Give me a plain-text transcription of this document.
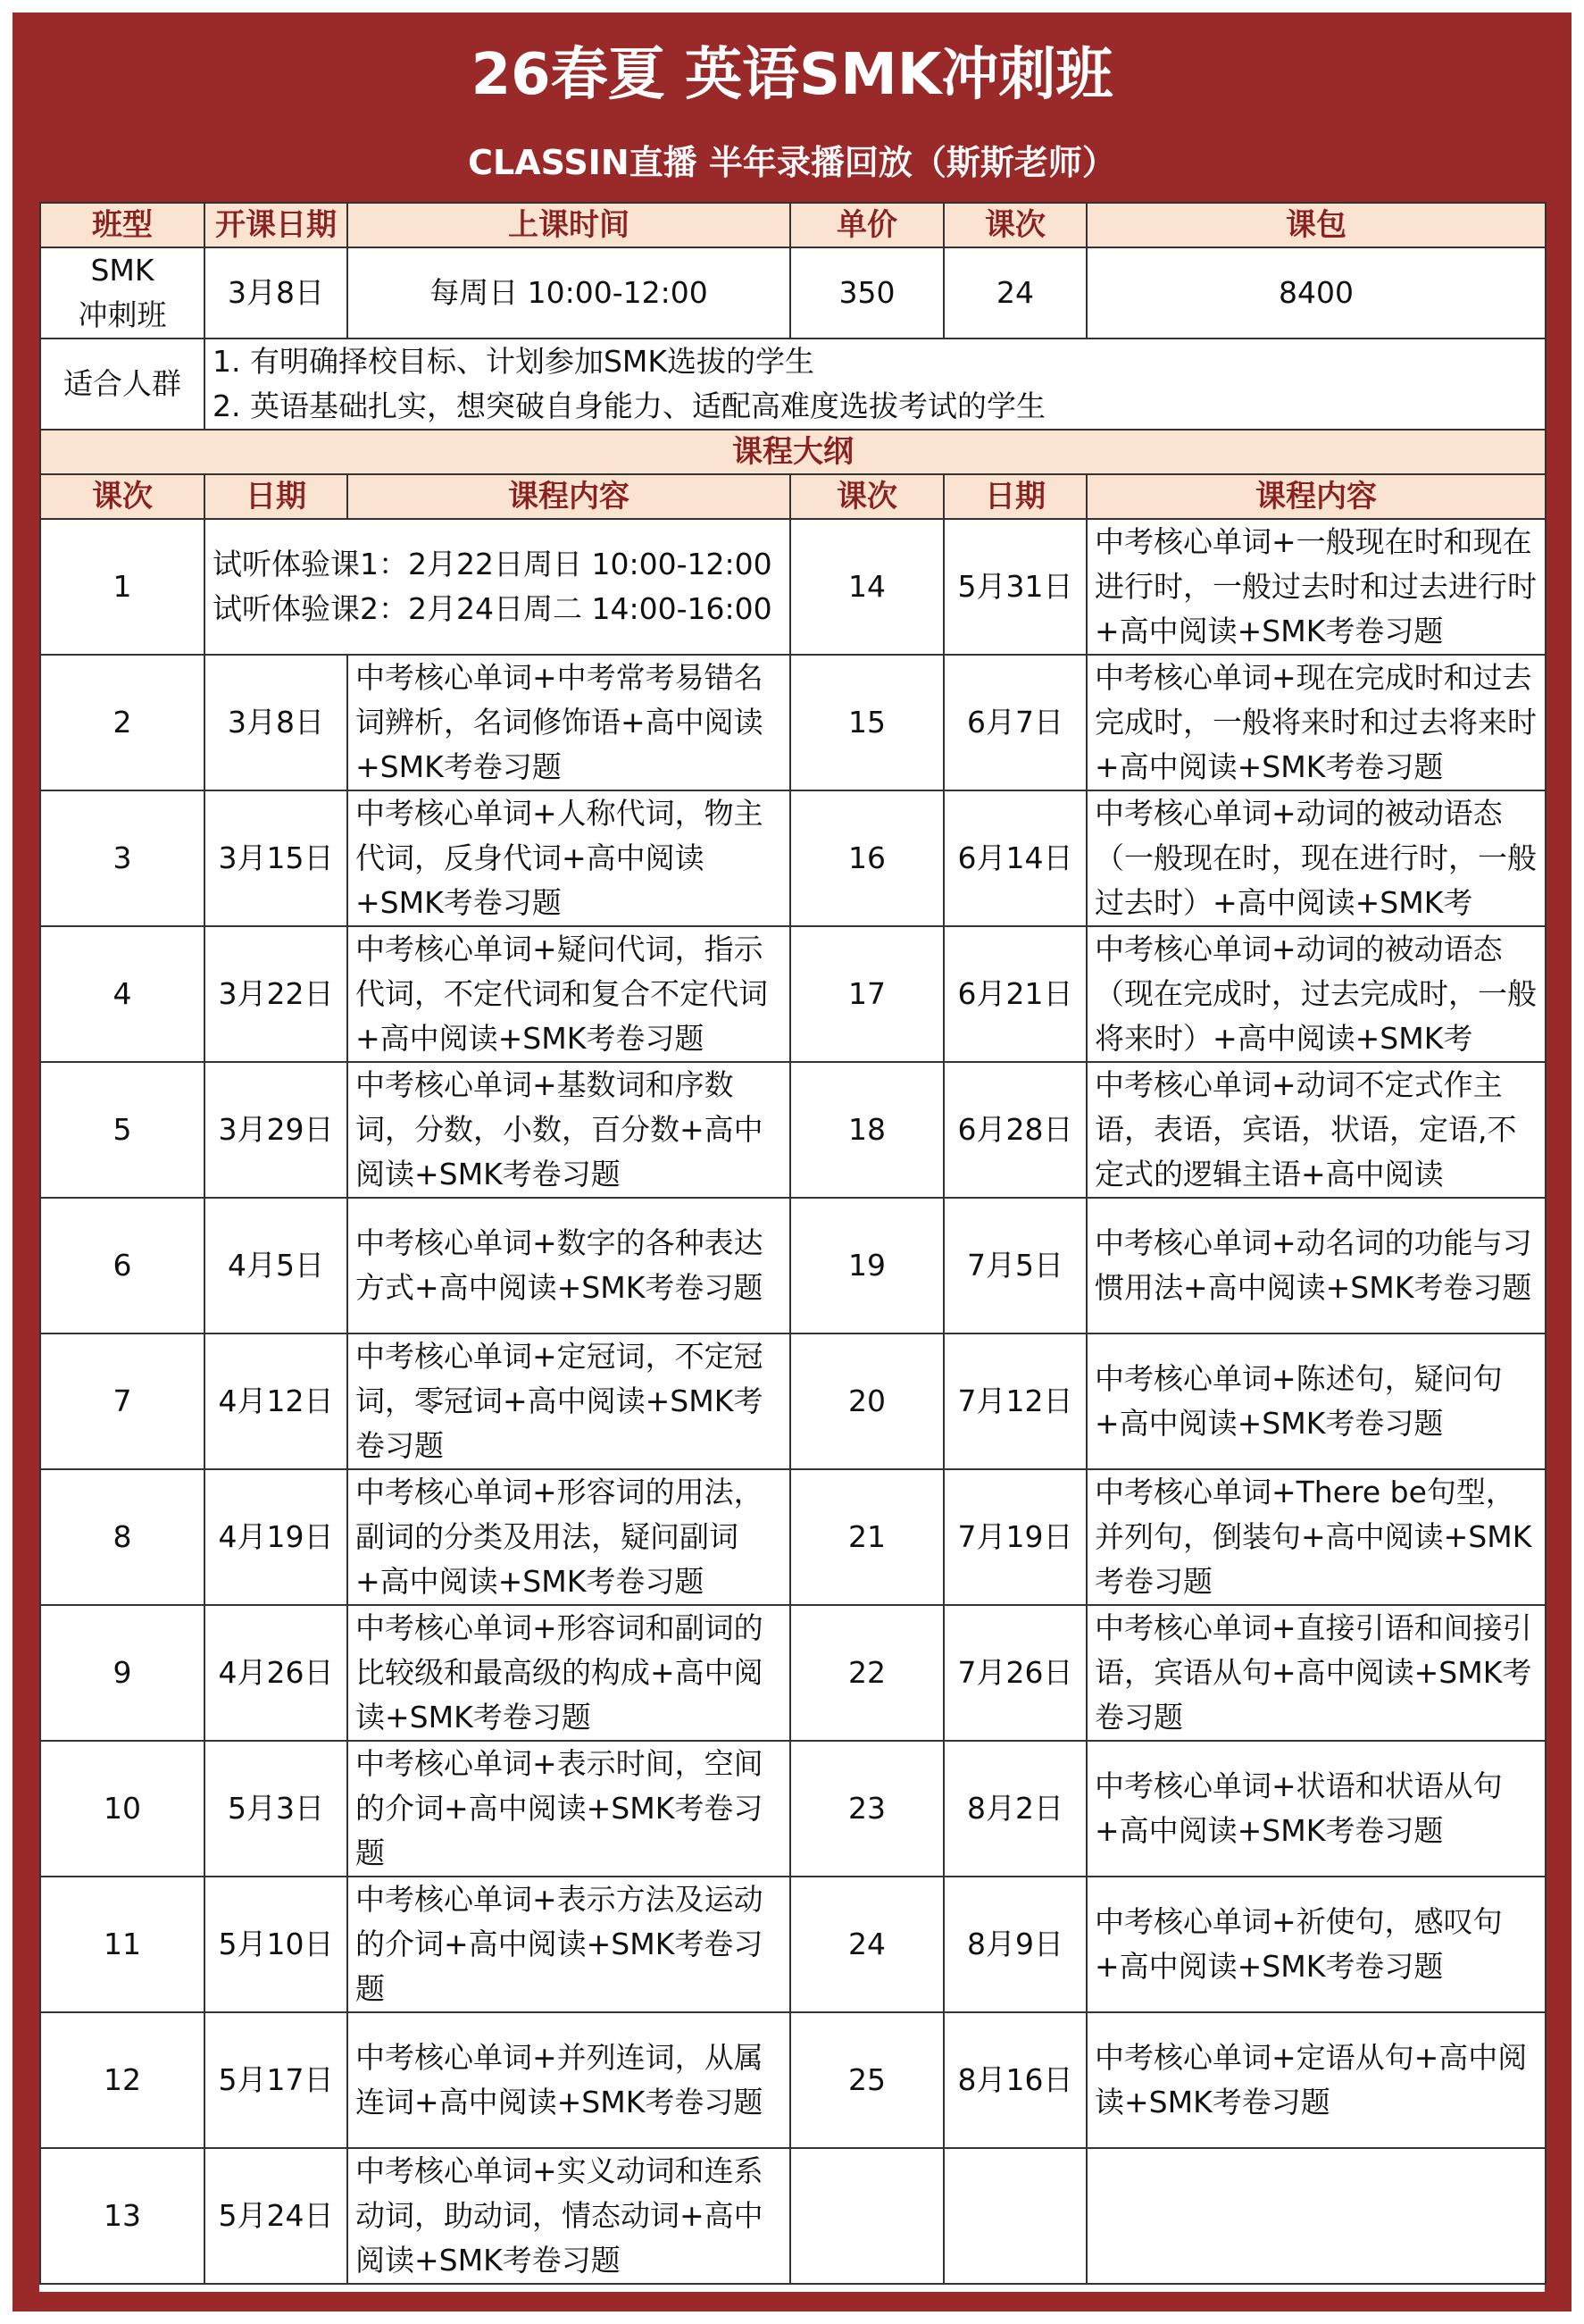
26春夏 英语SMK冲刺班
CLASSIN直播 半年录播回放（斯斯老师）
班型	开课日期	上课时间	单价	课次	课包
SMK
冲刺班	3月8日	每周日 10:00-12:00	350	24	8400
适合人群	1. 有明确择校目标、计划参加SMK选拔的学生
2. 英语基础扎实，想突破自身能力、适配高难度选拔考试的学生				

课程大纲					
课次	日期	课程内容	课次	日期	课程内容
1	试听体验课1：2月22日周日 10:00-12:00
试听体验课2：2月24日周二 14:00-16:00		14	5月31日	中考核心单词+一般现在时和现在进行时，一般过去时和过去进行时+高中阅读+SMK考卷习题
2	3月8日	中考核心单词+中考常考易错名词辨析，名词修饰语+高中阅读+SMK考卷习题	15	6月7日	中考核心单词+现在完成时和过去完成时，一般将来时和过去将来时+高中阅读+SMK考卷习题
3	3月15日	中考核心单词+人称代词，物主代词，反身代词+高中阅读+SMK考卷习题	16	6月14日	中考核心单词+动词的被动语态（一般现在时，现在进行时，一般过去时）+高中阅读+SMK考
4	3月22日	中考核心单词+疑问代词，指示代词，不定代词和复合不定代词+高中阅读+SMK考卷习题	17	6月21日	中考核心单词+动词的被动语态（现在完成时，过去完成时，一般将来时）+高中阅读+SMK考
5	3月29日	中考核心单词+基数词和序数词，分数，小数，百分数+高中阅读+SMK考卷习题	18	6月28日	中考核心单词+动词不定式作主语，表语，宾语，状语，定语,不定式的逻辑主语+高中阅读
6	4月5日	中考核心单词+数字的各种表达方式+高中阅读+SMK考卷习题	19	7月5日	中考核心单词+动名词的功能与习惯用法+高中阅读+SMK考卷习题
7	4月12日	中考核心单词+定冠词，不定冠词，零冠词+高中阅读+SMK考卷习题	20	7月12日	中考核心单词+陈述句，疑问句+高中阅读+SMK考卷习题
8	4月19日	中考核心单词+形容词的用法，副词的分类及用法，疑问副词+高中阅读+SMK考卷习题	21	7月19日	中考核心单词+There be句型，并列句，倒装句+高中阅读+SMK考卷习题
9	4月26日	中考核心单词+形容词和副词的比较级和最高级的构成+高中阅读+SMK考卷习题	22	7月26日	中考核心单词+直接引语和间接引语，宾语从句+高中阅读+SMK考卷习题
10	5月3日	中考核心单词+表示时间，空间的介词+高中阅读+SMK考卷习题	23	8月2日	中考核心单词+状语和状语从句+高中阅读+SMK考卷习题
11	5月10日	中考核心单词+表示方法及运动的介词+高中阅读+SMK考卷习题	24	8月9日	中考核心单词+祈使句，感叹句+高中阅读+SMK考卷习题
12	5月17日	中考核心单词+并列连词，从属连词+高中阅读+SMK考卷习题	25	8月16日	中考核心单词+定语从句+高中阅读+SMK考卷习题
13	5月24日	中考核心单词+实义动词和连系动词，助动词，情态动词+高中阅读+SMK考卷习题			
